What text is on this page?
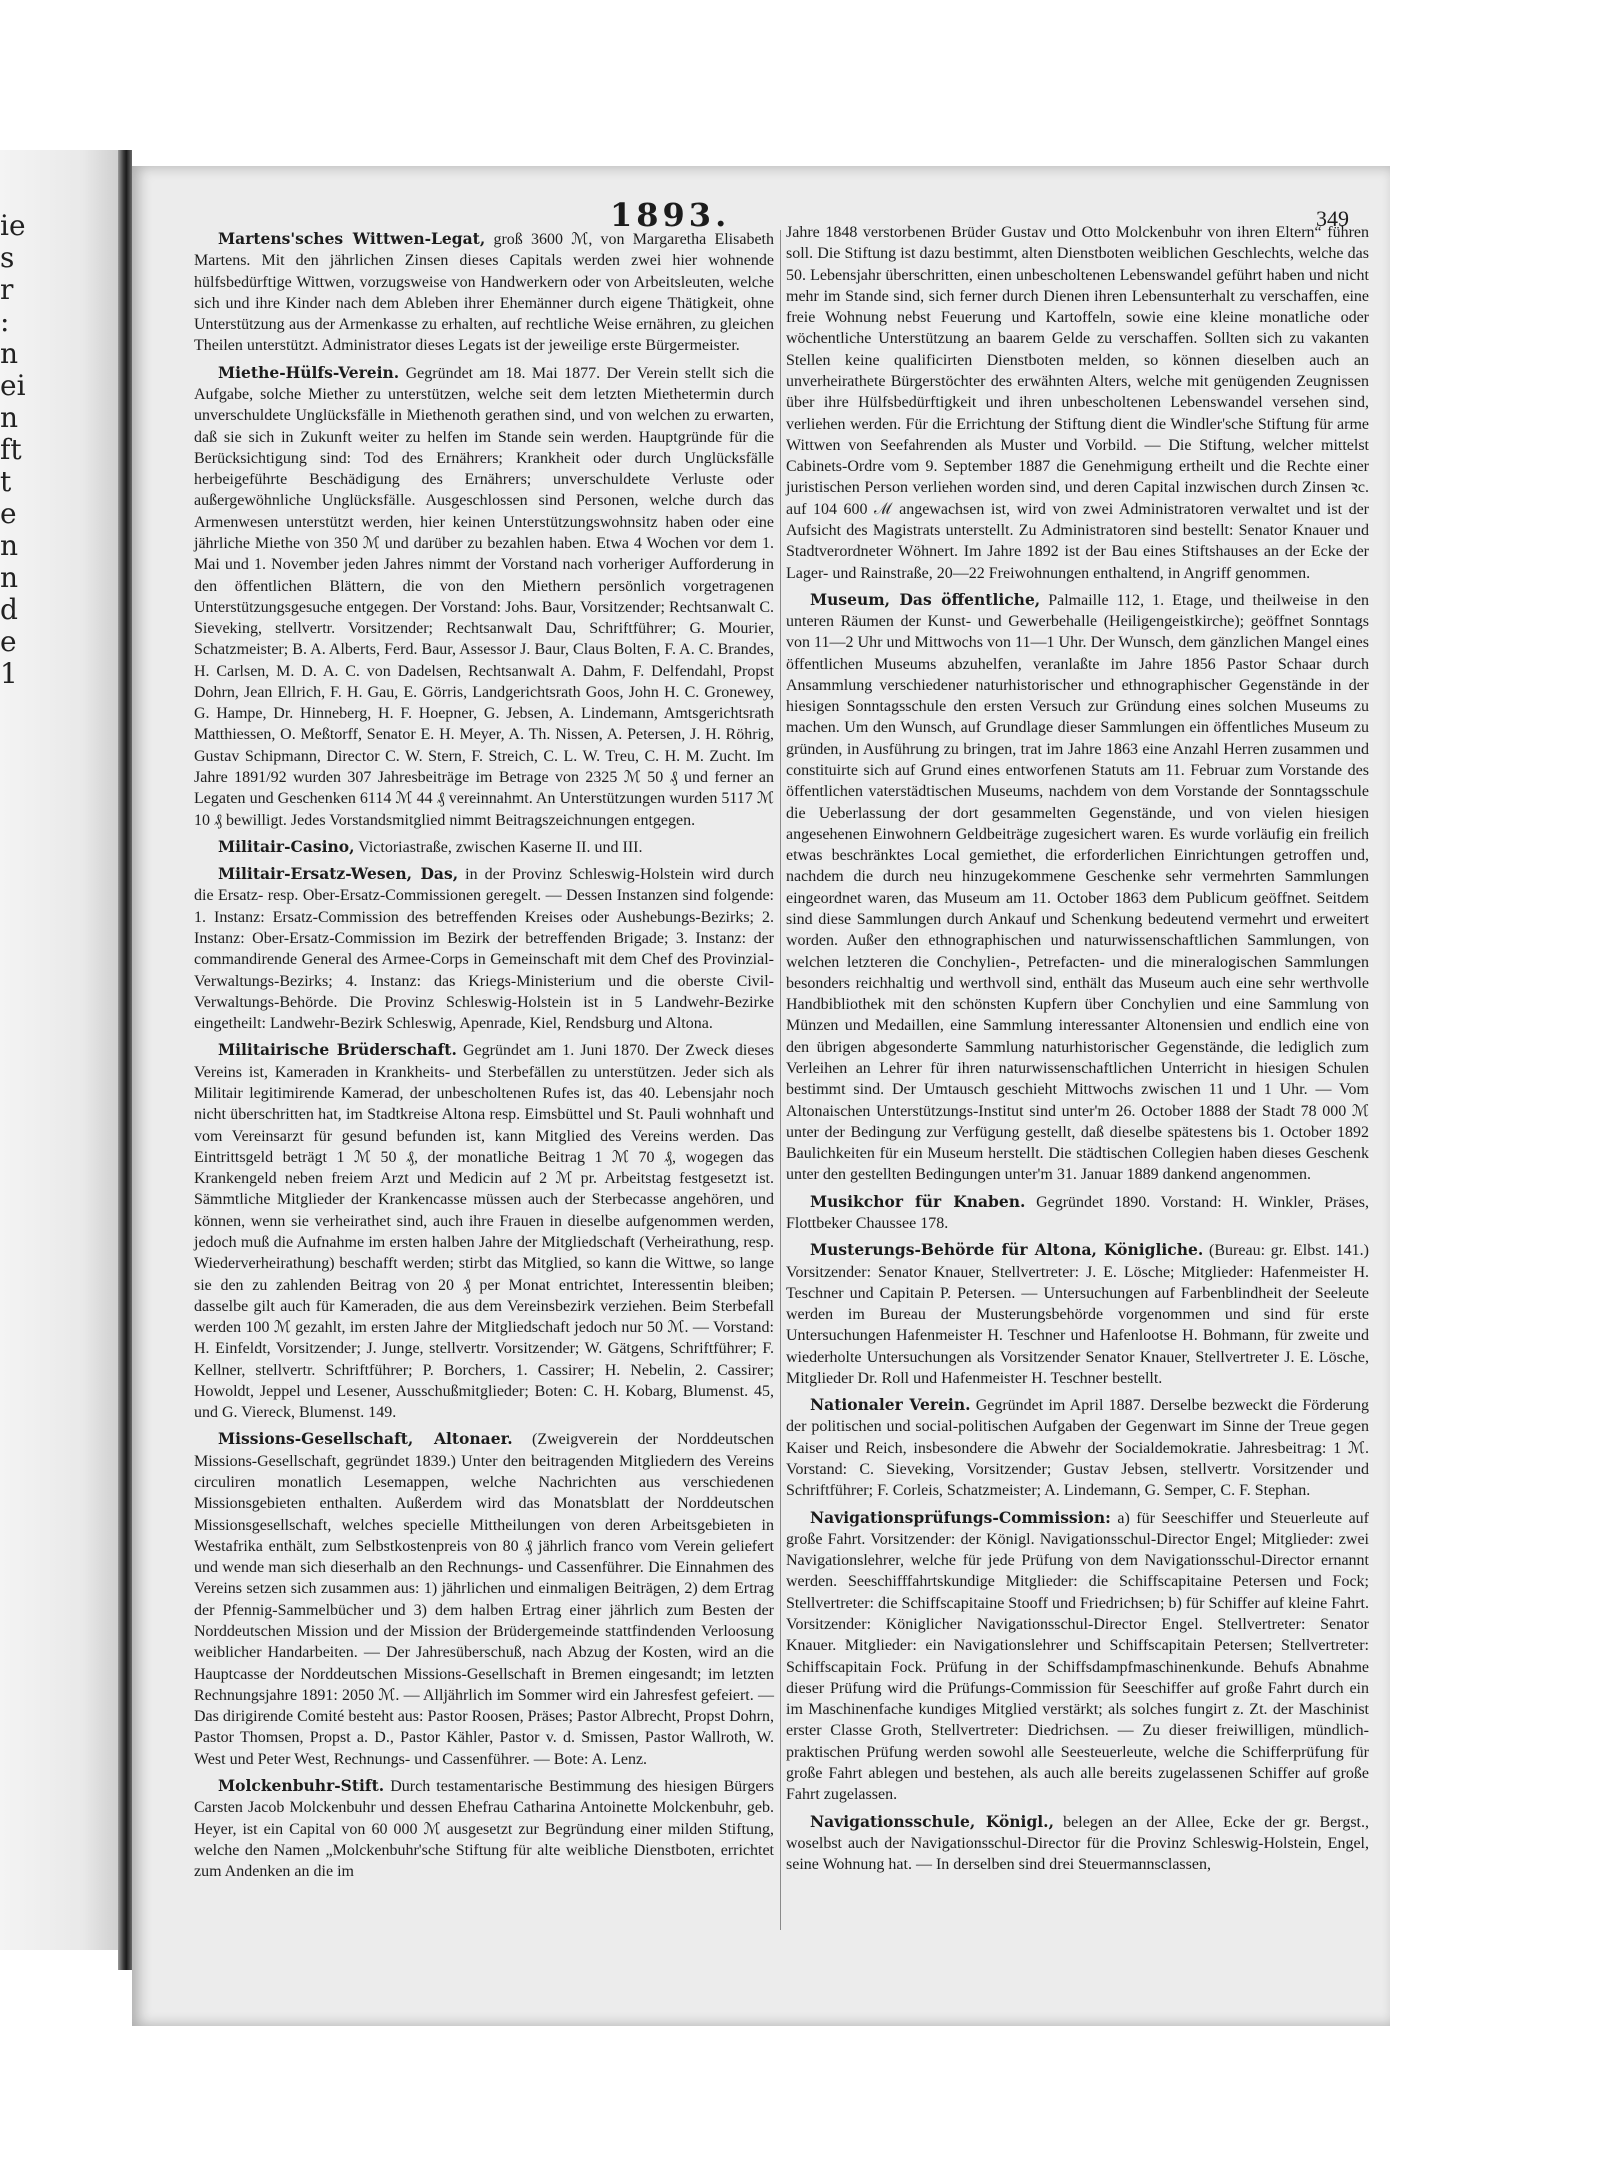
ie
s
r
:
n
ei
n
ft
t
e
n
n
d
e
1
1893.	349

Martens'sches Wittwen-Legat, groß 3600 ℳ, von Margaretha Elisabeth Martens. Mit den jährlichen Zinsen dieses Capitals werden zwei hier wohnende hülfsbedürftige Wittwen, vorzugsweise von Handwerkern oder von Arbeitsleuten, welche sich und ihre Kinder nach dem Ableben ihrer Ehemänner durch eigene Thätigkeit, ohne Unterstützung aus der Armenkasse zu erhalten, auf rechtliche Weise ernähren, zu gleichen Theilen unterstützt. Administrator dieses Legats ist der jeweilige erste Bürgermeister.

Miethe-Hülfs-Verein. Gegründet am 18. Mai 1877. Der Verein stellt sich die Aufgabe, solche Miether zu unterstützen, welche seit dem letzten Miethetermin durch unverschuldete Unglücksfälle in Miethenoth gerathen sind, und von welchen zu erwarten, daß sie sich in Zukunft weiter zu helfen im Stande sein werden. Hauptgründe für die Berücksichtigung sind: Tod des Ernährers; Krankheit oder durch Unglücksfälle herbeigeführte Beschädigung des Ernährers; unverschuldete Verluste oder außergewöhnliche Unglücksfälle. Ausgeschlossen sind Personen, welche durch das Armenwesen unterstützt werden, hier keinen Unterstützungswohnsitz haben oder eine jährliche Miethe von 350 ℳ und darüber zu bezahlen haben. Etwa 4 Wochen vor dem 1. Mai und 1. November jeden Jahres nimmt der Vorstand nach vorheriger Aufforderung in den öffentlichen Blättern, die von den Miethern persönlich vorgetragenen Unterstützungsgesuche entgegen. Der Vorstand: Johs. Baur, Vorsitzender; Rechtsanwalt C. Sieveking, stellvertr. Vorsitzender; Rechtsanwalt Dau, Schriftführer; G. Mourier, Schatzmeister; B. A. Alberts, Ferd. Baur, Assessor J. Baur, Claus Bolten, F. A. C. Brandes, H. Carlsen, M. D. A. C. von Dadelsen, Rechtsanwalt A. Dahm, F. Delfendahl, Propst Dohrn, Jean Ellrich, F. H. Gau, E. Görris, Landgerichtsrath Goos, John H. C. Gronewey, G. Hampe, Dr. Hinneberg, H. F. Hoepner, G. Jebsen, A. Lindemann, Amtsgerichtsrath Matthiessen, O. Meßtorff, Senator E. H. Meyer, A. Th. Nissen, A. Petersen, J. H. Röhrig, Gustav Schipmann, Director C. W. Stern, F. Streich, C. L. W. Treu, C. H. M. Zucht. Im Jahre 1891/92 wurden 307 Jahresbeiträge im Betrage von 2325 ℳ 50 ₰ und ferner an Legaten und Geschenken 6114 ℳ 44 ₰ vereinnahmt. An Unterstützungen wurden 5117 ℳ 10 ₰ bewilligt. Jedes Vorstandsmitglied nimmt Beitragszeichnungen entgegen.

Militair-Casino, Victoriastraße, zwischen Kaserne II. und III.

Militair-Ersatz-Wesen, Das, in der Provinz Schleswig-Holstein wird durch die Ersatz- resp. Ober-Ersatz-Commissionen geregelt. — Dessen Instanzen sind folgende: 1. Instanz: Ersatz-Commission des betreffenden Kreises oder Aushebungs-Bezirks; 2. Instanz: Ober-Ersatz-Commission im Bezirk der betreffenden Brigade; 3. Instanz: der commandirende General des Armee-Corps in Gemeinschaft mit dem Chef des Provinzial-Verwaltungs-Bezirks; 4. Instanz: das Kriegs-Ministerium und die oberste Civil-Verwaltungs-Behörde. Die Provinz Schleswig-Holstein ist in 5 Landwehr-Bezirke eingetheilt: Landwehr-Bezirk Schleswig, Apenrade, Kiel, Rendsburg und Altona.

Militairische Brüderschaft. Gegründet am 1. Juni 1870. Der Zweck dieses Vereins ist, Kameraden in Krankheits- und Sterbefällen zu unterstützen. Jeder sich als Militair legitimirende Kamerad, der unbescholtenen Rufes ist, das 40. Lebensjahr noch nicht überschritten hat, im Stadtkreise Altona resp. Eimsbüttel und St. Pauli wohnhaft und vom Vereinsarzt für gesund befunden ist, kann Mitglied des Vereins werden. Das Eintrittsgeld beträgt 1 ℳ 50 ₰, der monatliche Beitrag 1 ℳ 70 ₰, wogegen das Krankengeld neben freiem Arzt und Medicin auf 2 ℳ pr. Arbeitstag festgesetzt ist. Sämmtliche Mitglieder der Krankencasse müssen auch der Sterbecasse angehören, und können, wenn sie verheirathet sind, auch ihre Frauen in dieselbe aufgenommen werden, jedoch muß die Aufnahme im ersten halben Jahre der Mitgliedschaft (Verheirathung, resp. Wiederverheirathung) beschafft werden; stirbt das Mitglied, so kann die Wittwe, so lange sie den zu zahlenden Beitrag von 20 ₰ per Monat entrichtet, Interessentin bleiben; dasselbe gilt auch für Kameraden, die aus dem Vereinsbezirk verziehen. Beim Sterbefall werden 100 ℳ gezahlt, im ersten Jahre der Mitgliedschaft jedoch nur 50 ℳ. — Vorstand: H. Einfeldt, Vorsitzender; J. Junge, stellvertr. Vorsitzender; W. Gätgens, Schriftführer; F. Kellner, stellvertr. Schriftführer; P. Borchers, 1. Cassirer; H. Nebelin, 2. Cassirer; Howoldt, Jeppel und Lesener, Ausschußmitglieder; Boten: C. H. Kobarg, Blumenst. 45, und G. Viereck, Blumenst. 149.

Missions-Gesellschaft, Altonaer. (Zweigverein der Norddeutschen Missions-Gesellschaft, gegründet 1839.) Unter den beitragenden Mitgliedern des Vereins circuliren monatlich Lesemappen, welche Nachrichten aus verschiedenen Missionsgebieten enthalten. Außerdem wird das Monatsblatt der Norddeutschen Missionsgesellschaft, welches specielle Mittheilungen von deren Arbeitsgebieten in Westafrika enthält, zum Selbstkostenpreis von 80 ₰ jährlich franco vom Verein geliefert und wende man sich dieserhalb an den Rechnungs- und Cassenführer. Die Einnahmen des Vereins setzen sich zusammen aus: 1) jährlichen und einmaligen Beiträgen, 2) dem Ertrag der Pfennig-Sammelbücher und 3) dem halben Ertrag einer jährlich zum Besten der Norddeutschen Mission und der Mission der Brüdergemeinde stattfindenden Verloosung weiblicher Handarbeiten. — Der Jahresüberschuß, nach Abzug der Kosten, wird an die Hauptcasse der Norddeutschen Missions-Gesellschaft in Bremen eingesandt; im letzten Rechnungsjahre 1891: 2050 ℳ. — Alljährlich im Sommer wird ein Jahresfest gefeiert. — Das dirigirende Comité besteht aus: Pastor Roosen, Präses; Pastor Albrecht, Propst Dohrn, Pastor Thomsen, Propst a. D., Pastor Kähler, Pastor v. d. Smissen, Pastor Wallroth, W. West und Peter West, Rechnungs- und Cassenführer. — Bote: A. Lenz.

Molckenbuhr-Stift. Durch testamentarische Bestimmung des hiesigen Bürgers Carsten Jacob Molckenbuhr und dessen Ehefrau Catharina Antoinette Molckenbuhr, geb. Heyer, ist ein Capital von 60 000 ℳ ausgesetzt zur Begründung einer milden Stiftung, welche den Namen „Molckenbuhr'sche Stiftung für alte weibliche Dienstboten, errichtet zum Andenken an die im

Jahre 1848 verstorbenen Brüder Gustav und Otto Molckenbuhr von ihren Eltern“ führen soll. Die Stiftung ist dazu bestimmt, alten Dienstboten weiblichen Geschlechts, welche das 50. Lebensjahr überschritten, einen unbescholtenen Lebenswandel geführt haben und nicht mehr im Stande sind, sich ferner durch Dienen ihren Lebensunterhalt zu verschaffen, eine freie Wohnung nebst Feuerung und Kartoffeln, sowie eine kleine monatliche oder wöchentliche Unterstützung an baarem Gelde zu verschaffen. Sollten sich zu vakanten Stellen keine qualificirten Dienstboten melden, so können dieselben auch an unverheirathete Bürgerstöchter des erwähnten Alters, welche mit genügenden Zeugnissen über ihre Hülfsbedürftigkeit und ihren unbescholtenen Lebenswandel versehen sind, verliehen werden. Für die Errichtung der Stiftung dient die Windler'sche Stiftung für arme Wittwen von Seefahrenden als Muster und Vorbild. — Die Stiftung, welcher mittelst Cabinets-Ordre vom 9. September 1887 die Genehmigung ertheilt und die Rechte einer juristischen Person verliehen worden sind, und deren Capital inzwischen durch Zinsen ꝛc. auf 104 600 ℳ angewachsen ist, wird von zwei Administratoren verwaltet und ist der Aufsicht des Magistrats unterstellt. Zu Administratoren sind bestellt: Senator Knauer und Stadtverordneter Wöhnert. Im Jahre 1892 ist der Bau eines Stiftshauses an der Ecke der Lager- und Rainstraße, 20—22 Freiwohnungen enthaltend, in Angriff genommen.

Museum, Das öffentliche, Palmaille 112, 1. Etage, und theilweise in den unteren Räumen der Kunst- und Gewerbehalle (Heiligengeistkirche); geöffnet Sonntags von 11—2 Uhr und Mittwochs von 11—1 Uhr. Der Wunsch, dem gänzlichen Mangel eines öffentlichen Museums abzuhelfen, veranlaßte im Jahre 1856 Pastor Schaar durch Ansammlung verschiedener naturhistorischer und ethnographischer Gegenstände in der hiesigen Sonntagsschule den ersten Versuch zur Gründung eines solchen Museums zu machen. Um den Wunsch, auf Grundlage dieser Sammlungen ein öffentliches Museum zu gründen, in Ausführung zu bringen, trat im Jahre 1863 eine Anzahl Herren zusammen und constituirte sich auf Grund eines entworfenen Statuts am 11. Februar zum Vorstande des öffentlichen vaterstädtischen Museums, nachdem von dem Vorstande der Sonntagsschule die Ueberlassung der dort gesammelten Gegenstände, und von vielen hiesigen angesehenen Einwohnern Geldbeiträge zugesichert waren. Es wurde vorläufig ein freilich etwas beschränktes Local gemiethet, die erforderlichen Einrichtungen getroffen und, nachdem die durch neu hinzugekommene Geschenke sehr vermehrten Sammlungen eingeordnet waren, das Museum am 11. October 1863 dem Publicum geöffnet. Seitdem sind diese Sammlungen durch Ankauf und Schenkung bedeutend vermehrt und erweitert worden. Außer den ethnographischen und naturwissenschaftlichen Sammlungen, von welchen letzteren die Conchylien-, Petrefacten- und die mineralogischen Sammlungen besonders reichhaltig und werthvoll sind, enthält das Museum auch eine sehr werthvolle Handbibliothek mit den schönsten Kupfern über Conchylien und eine Sammlung von Münzen und Medaillen, eine Sammlung interessanter Altonensien und endlich eine von den übrigen abgesonderte Sammlung naturhistorischer Gegenstände, die lediglich zum Verleihen an Lehrer für ihren naturwissenschaftlichen Unterricht in hiesigen Schulen bestimmt sind. Der Umtausch geschieht Mittwochs zwischen 11 und 1 Uhr. — Vom Altonaischen Unterstützungs-Institut sind unter'm 26. October 1888 der Stadt 78 000 ℳ unter der Bedingung zur Verfügung gestellt, daß dieselbe spätestens bis 1. October 1892 Baulichkeiten für ein Museum herstellt. Die städtischen Collegien haben dieses Geschenk unter den gestellten Bedingungen unter'm 31. Januar 1889 dankend angenommen.

Musikchor für Knaben. Gegründet 1890. Vorstand: H. Winkler, Präses, Flottbeker Chaussee 178.

Musterungs-Behörde für Altona, Königliche. (Bureau: gr. Elbst. 141.) Vorsitzender: Senator Knauer, Stellvertreter: J. E. Lösche; Mitglieder: Hafenmeister H. Teschner und Capitain P. Petersen. — Untersuchungen auf Farbenblindheit der Seeleute werden im Bureau der Musterungsbehörde vorgenommen und sind für erste Untersuchungen Hafenmeister H. Teschner und Hafenlootse H. Bohmann, für zweite und wiederholte Untersuchungen als Vorsitzender Senator Knauer, Stellvertreter J. E. Lösche, Mitglieder Dr. Roll und Hafenmeister H. Teschner bestellt.

Nationaler Verein. Gegründet im April 1887. Derselbe bezweckt die Förderung der politischen und social-politischen Aufgaben der Gegenwart im Sinne der Treue gegen Kaiser und Reich, insbesondere die Abwehr der Socialdemokratie. Jahresbeitrag: 1 ℳ. Vorstand: C. Sieveking, Vorsitzender; Gustav Jebsen, stellvertr. Vorsitzender und Schriftführer; F. Corleis, Schatzmeister; A. Lindemann, G. Semper, C. F. Stephan.

Navigationsprüfungs-Commission: a) für Seeschiffer und Steuerleute auf große Fahrt. Vorsitzender: der Königl. Navigationsschul-Director Engel; Mitglieder: zwei Navigationslehrer, welche für jede Prüfung von dem Navigationsschul-Director ernannt werden. Seeschifffahrtskundige Mitglieder: die Schiffscapitaine Petersen und Fock; Stellvertreter: die Schiffscapitaine Stooff und Friedrichsen; b) für Schiffer auf kleine Fahrt. Vorsitzender: Königlicher Navigationsschul-Director Engel. Stellvertreter: Senator Knauer. Mitglieder: ein Navigationslehrer und Schiffscapitain Petersen; Stellvertreter: Schiffscapitain Fock. Prüfung in der Schiffsdampfmaschinenkunde. Behufs Abnahme dieser Prüfung wird die Prüfungs-Commission für Seeschiffer auf große Fahrt durch ein im Maschinenfache kundiges Mitglied verstärkt; als solches fungirt z. Zt. der Maschinist erster Classe Groth, Stellvertreter: Diedrichsen. — Zu dieser freiwilligen, mündlich-praktischen Prüfung werden sowohl alle Seesteuerleute, welche die Schifferprüfung für große Fahrt ablegen und bestehen, als auch alle bereits zugelassenen Schiffer auf große Fahrt zugelassen.

Navigationsschule, Königl., belegen an der Allee, Ecke der gr. Bergst., woselbst auch der Navigationsschul-Director für die Provinz Schleswig-Holstein, Engel, seine Wohnung hat. — In derselben sind drei Steuermannsclassen,
